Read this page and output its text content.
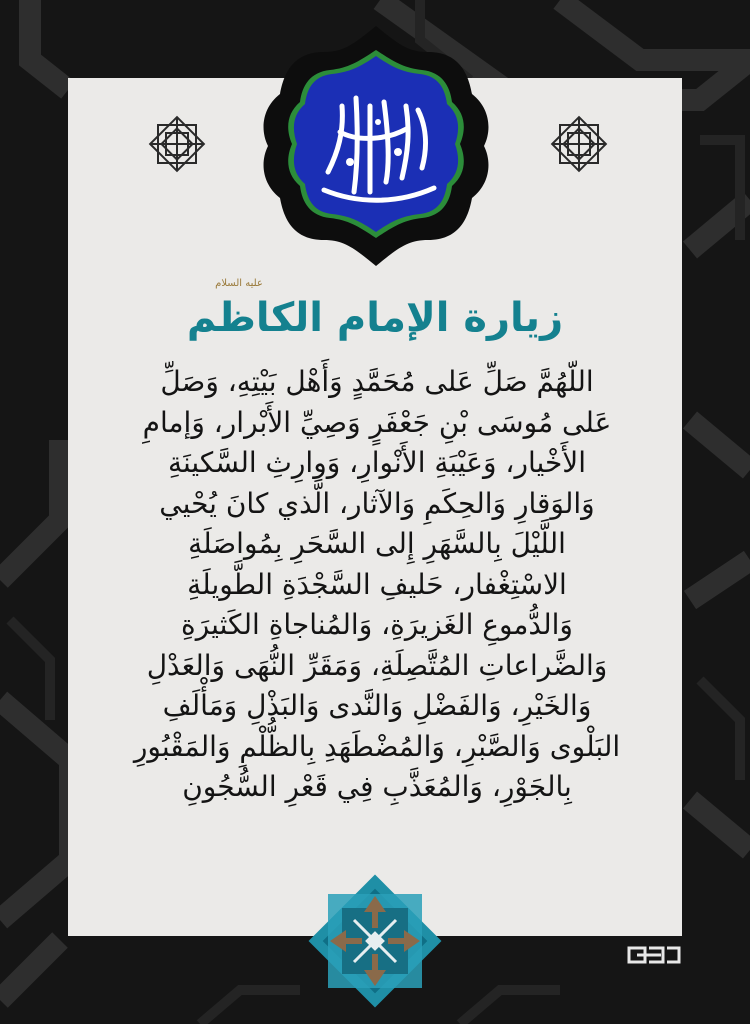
عليه السلام
زيارة الإمام الكاظم
اللّهُمَّ صَلِّ عَلى مُحَمَّدٍ وَأَهْل بَيْتِهِ، وَصَلِّ
عَلى مُوسَى بْنِ جَعْفَرٍ وَصِيِّ الأَبْرار، وَإمامِ
الأَخْيار، وَعَيْبَةِ الأَنْوارِ، وَوارِثِ السَّكينَةِ
وَالوَقارِ وَالحِكَمِ وَالآثار، الَّذي كانَ يُحْيي
اللَّيْلَ بِالسَّهَرِ إِلى السَّحَرِ بِمُواصَلَةِ
الاسْتِغْفار، حَليفِ السَّجْدَةِ الطَّويلَةِ
وَالدُّموعِ الغَزيرَةِ، وَالمُناجاةِ الكَثيرَةِ
وَالضَّراعاتِ المُتَّصِلَةِ، وَمَقَرِّ النُّهَى وَالعَدْلِ
وَالخَيْرِ، وَالفَضْلِ وَالنَّدى وَالبَذْلِ وَمَأْلَفِ
البَلْوى وَالصَّبْرِ، وَالمُضْطَهَدِ بِالظُّلْمِ وَالمَقْبُورِ
بِالجَوْرِ، وَالمُعَذَّبِ فِي قَعْرِ السُّجُونِ
